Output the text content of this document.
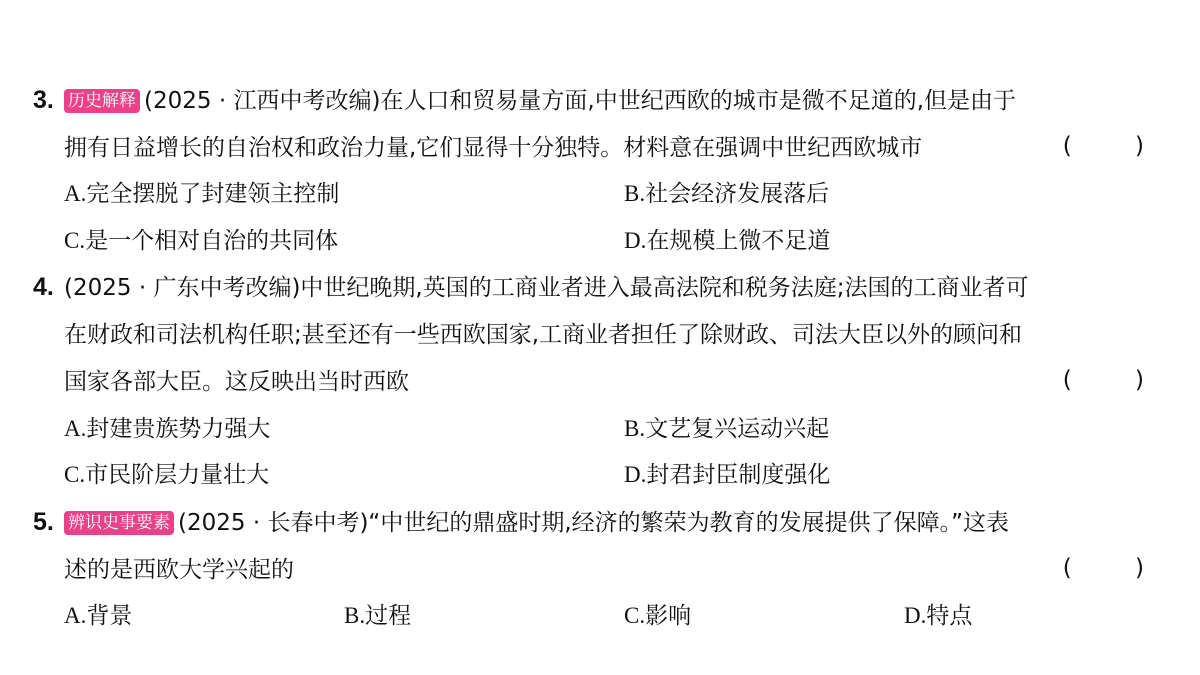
3. 历史解释 (2025 · 江西中考改编)在人口和贸易量方面,中世纪西欧的城市是微不足道的,但是由于
拥有日益增长的自治权和政治力量,它们显得十分独特。材料意在强调中世纪西欧城市	( )
A.完全摆脱了封建领主控制	B.社会经济发展落后
C.是一个相对自治的共同体	D.在规模上微不足道
4. (2025 · 广东中考改编)中世纪晚期,英国的工商业者进入最高法院和税务法庭;法国的工商业者可
在财政和司法机构任职;甚至还有一些西欧国家,工商业者担任了除财政、司法大臣以外的顾问和
国家各部大臣。这反映出当时西欧	( )
A.封建贵族势力强大	B.文艺复兴运动兴起
C.市民阶层力量壮大	D.封君封臣制度强化
5. 辨识史事要素 (2025 · 长春中考)“中世纪的鼎盛时期,经济的繁荣为教育的发展提供了保障。”这表
述的是西欧大学兴起的	( )
A.背景	B.过程	C.影响	D.特点
